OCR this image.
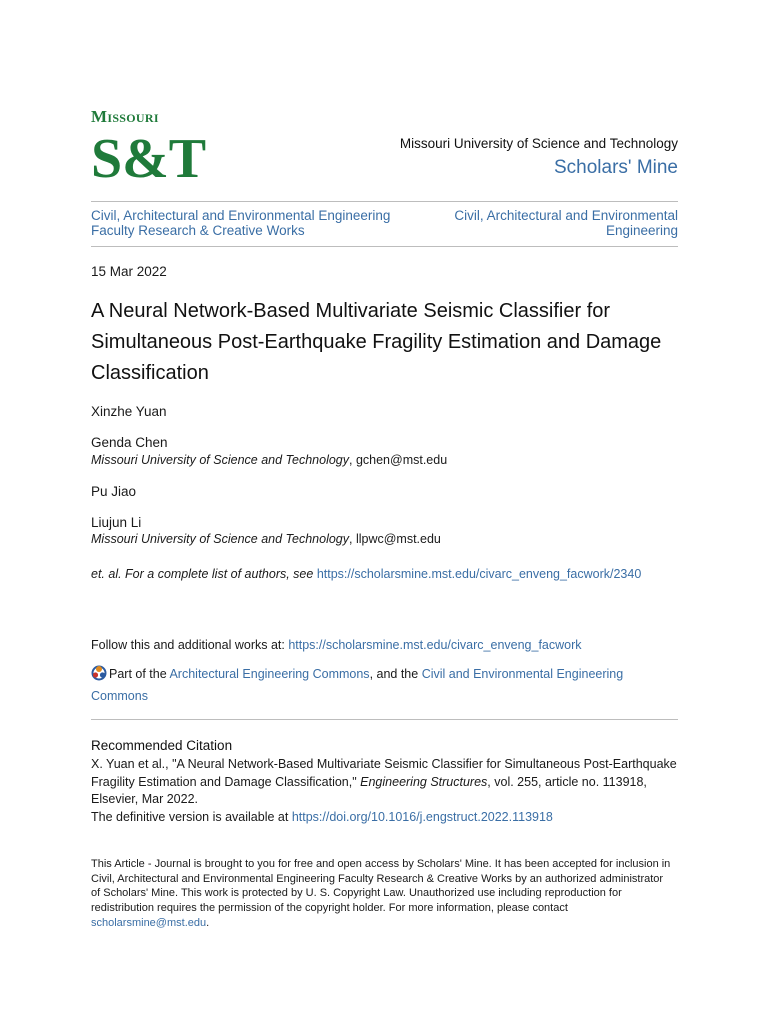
Missouri
S&T	Missouri University of Science and Technology
Scholars' Mine
Civil, Architectural and Environmental Engineering Faculty Research & Creative Works
Civil, Architectural and Environmental Engineering
15 Mar 2022
A Neural Network-Based Multivariate Seismic Classifier for Simultaneous Post-Earthquake Fragility Estimation and Damage Classification
Xinzhe Yuan
Genda Chen
Missouri University of Science and Technology, gchen@mst.edu
Pu Jiao
Liujun Li
Missouri University of Science and Technology, llpwc@mst.edu
et. al. For a complete list of authors, see https://scholarsmine.mst.edu/civarc_enveng_facwork/2340
Follow this and additional works at: https://scholarsmine.mst.edu/civarc_enveng_facwork
Part of the Architectural Engineering Commons, and the Civil and Environmental Engineering Commons
Recommended Citation
X. Yuan et al., "A Neural Network-Based Multivariate Seismic Classifier for Simultaneous Post-Earthquake Fragility Estimation and Damage Classification," Engineering Structures, vol. 255, article no. 113918, Elsevier, Mar 2022.
The definitive version is available at https://doi.org/10.1016/j.engstruct.2022.113918
This Article - Journal is brought to you for free and open access by Scholars' Mine. It has been accepted for inclusion in Civil, Architectural and Environmental Engineering Faculty Research & Creative Works by an authorized administrator of Scholars' Mine. This work is protected by U. S. Copyright Law. Unauthorized use including reproduction for redistribution requires the permission of the copyright holder. For more information, please contact scholarsmine@mst.edu.
